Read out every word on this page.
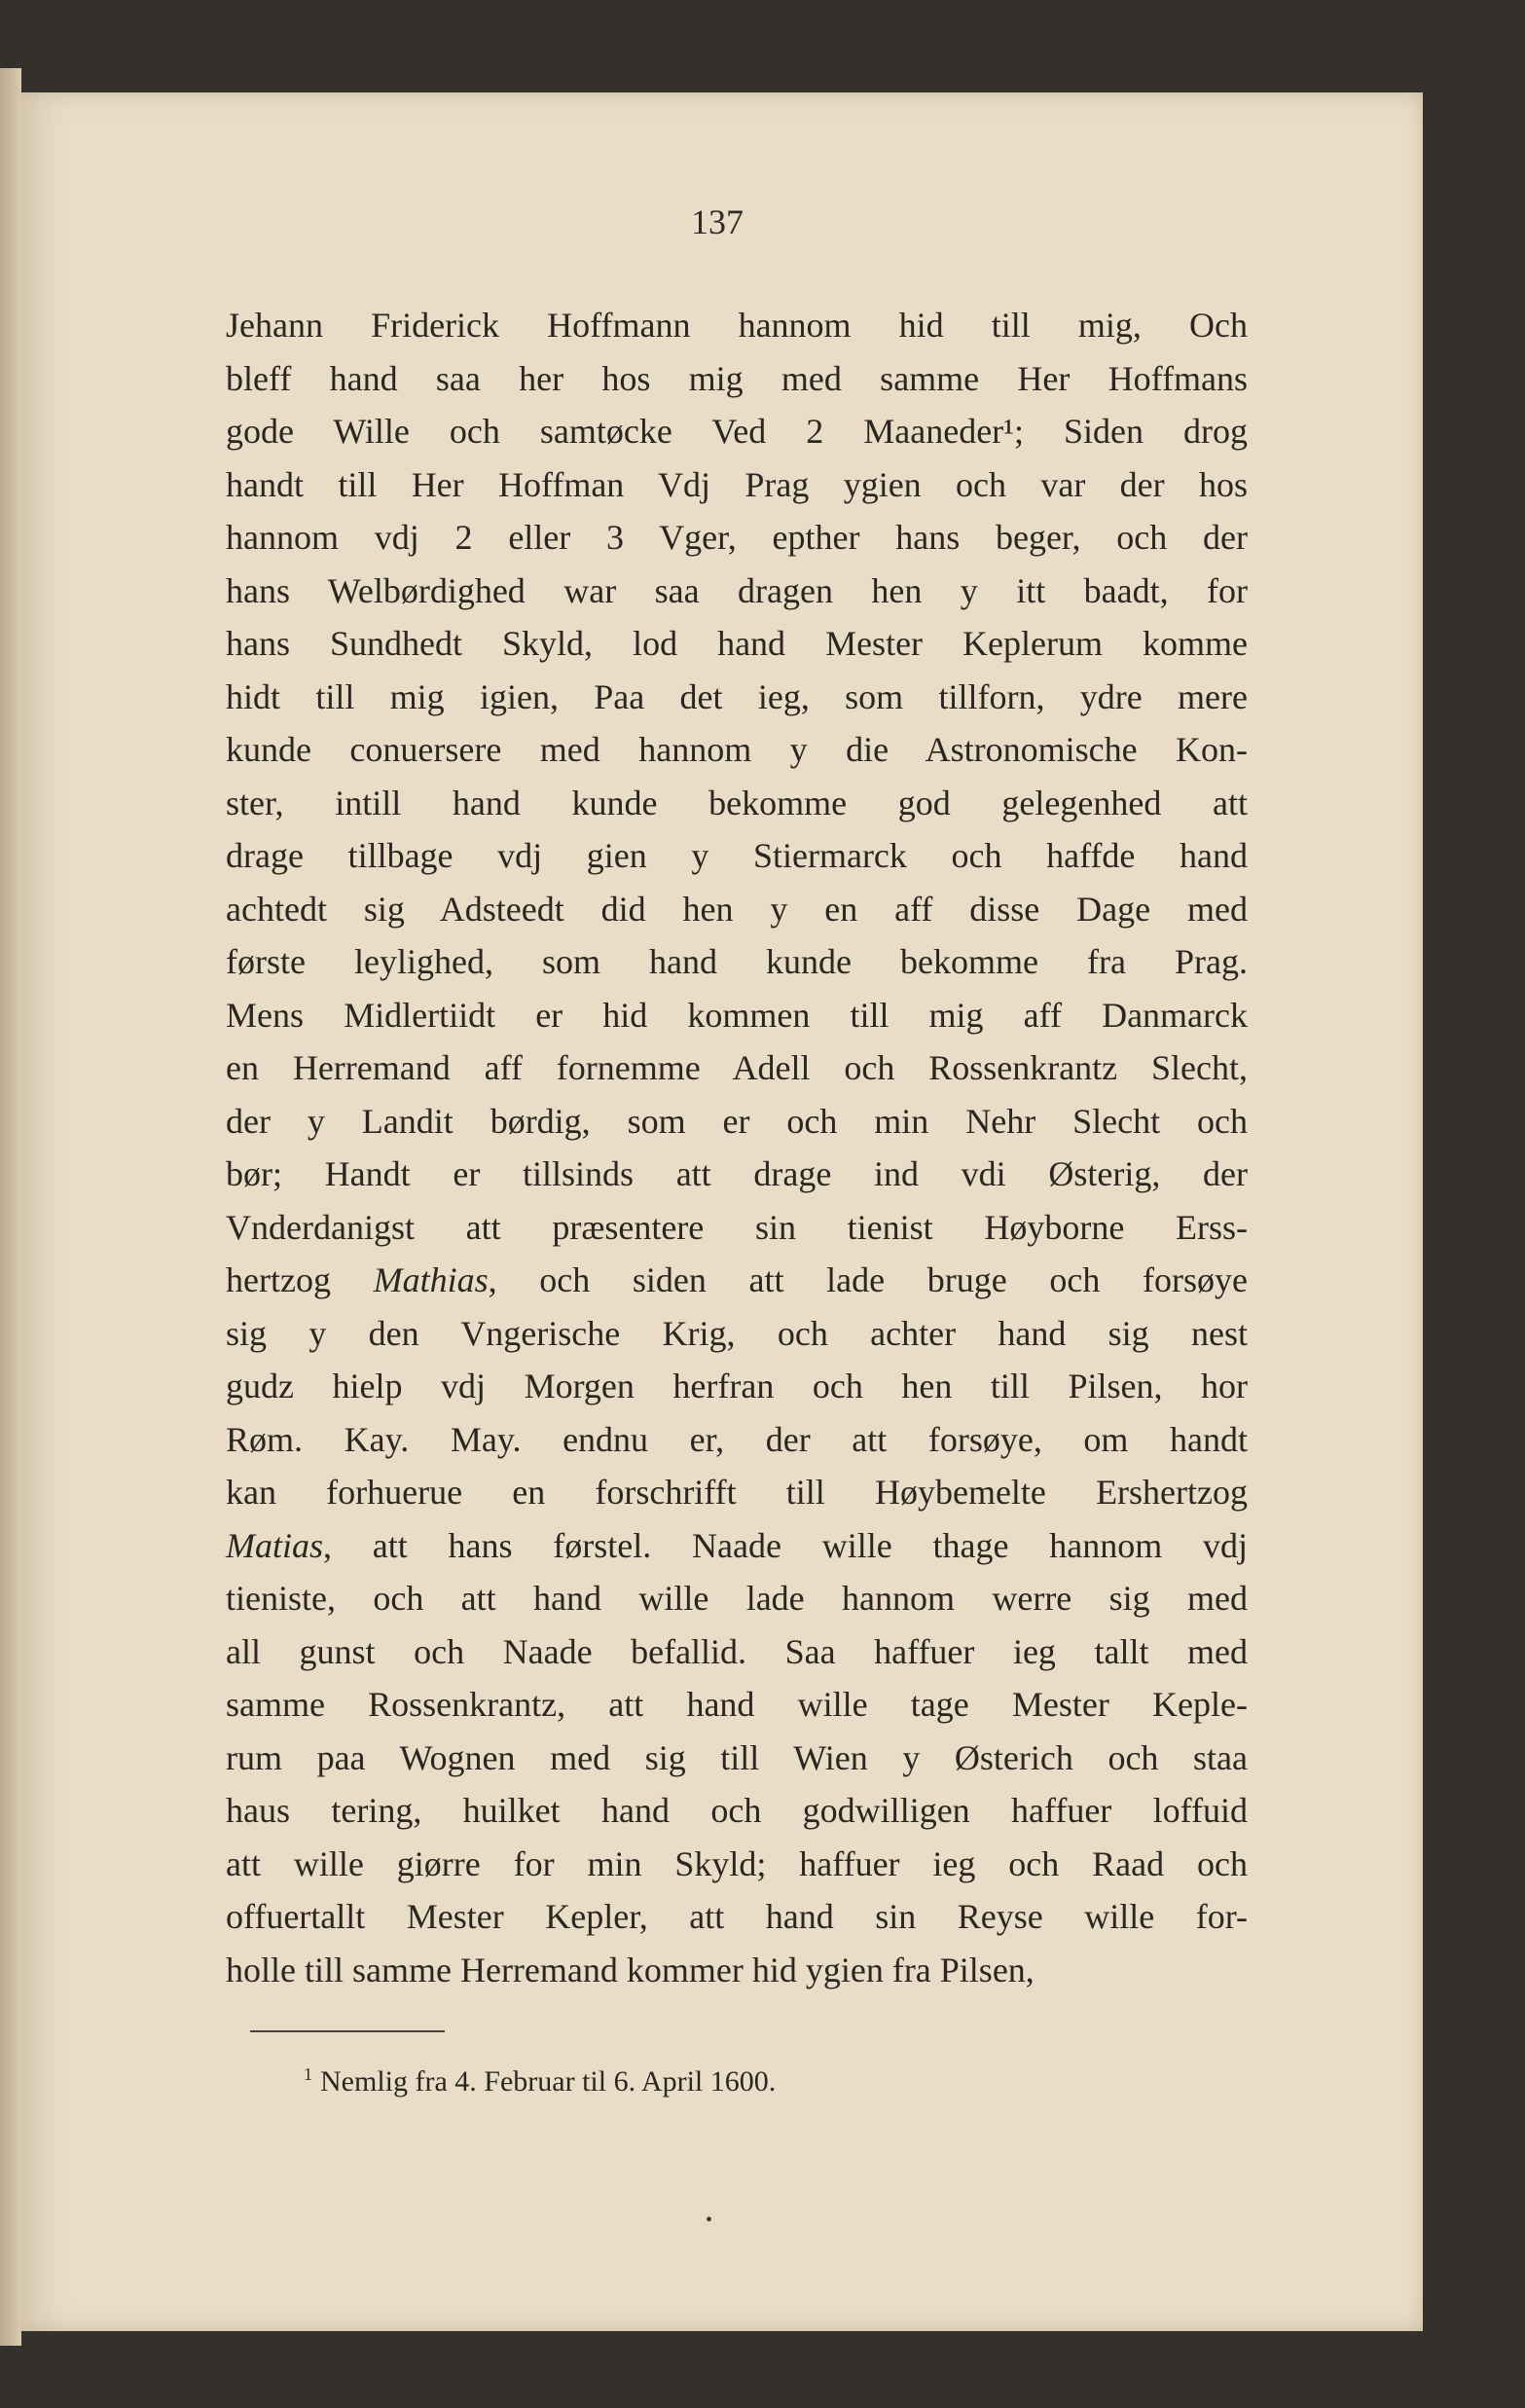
137
Jehann Friderick Hoffmann hannom hid till mig, Och
bleff hand saa her hos mig med samme Her Hoffmans
gode Wille och samtøcke Ved 2 Maaneder¹; Siden drog
handt till Her Hoffman Vdj Prag ygien och var der hos
hannom vdj 2 eller 3 Vger, epther hans beger, och der
hans Welbørdighed war saa dragen hen y itt baadt, for
hans Sundhedt Skyld, lod hand Mester Keplerum komme
hidt till mig igien, Paa det ieg, som tillforn, ydre mere
kunde conuersere med hannom y die Astronomische Kon-
ster, intill hand kunde bekomme god gelegenhed att
drage tillbage vdj gien y Stiermarck och haffde hand
achtedt sig Adsteedt did hen y en aff disse Dage med
første leylighed, som hand kunde bekomme fra Prag.
Mens Midlertiidt er hid kommen till mig aff Danmarck
en Herremand aff fornemme Adell och Rossenkrantz Slecht,
der y Landit børdig, som er och min Nehr Slecht och
bør; Handt er tillsinds att drage ind vdi Østerig, der
Vnderdanigst att præsentere sin tienist Høyborne Erss-
hertzog Mathias, och siden att lade bruge och forsøye
sig y den Vngerische Krig, och achter hand sig nest
gudz hielp vdj Morgen herfran och hen till Pilsen, hor
Røm. Kay. May. endnu er, der att forsøye, om handt
kan forhuerue en forschrifft till Høybemelte Ershertzog
Matias, att hans førstel. Naade wille thage hannom vdj
tieniste, och att hand wille lade hannom werre sig med
all gunst och Naade befallid. Saa haffuer ieg tallt med
samme Rossenkrantz, att hand wille tage Mester Keple-
rum paa Wognen med sig till Wien y Østerich och staa
haus tering, huilket hand och godwilligen haffuer loffuid
att wille giørre for min Skyld; haffuer ieg och Raad och
offuertallt Mester Kepler, att hand sin Reyse wille for-
holle till samme Herremand kommer hid ygien fra Pilsen,
$^1$ Nemlig fra 4. Februar til 6. April 1600.
•
